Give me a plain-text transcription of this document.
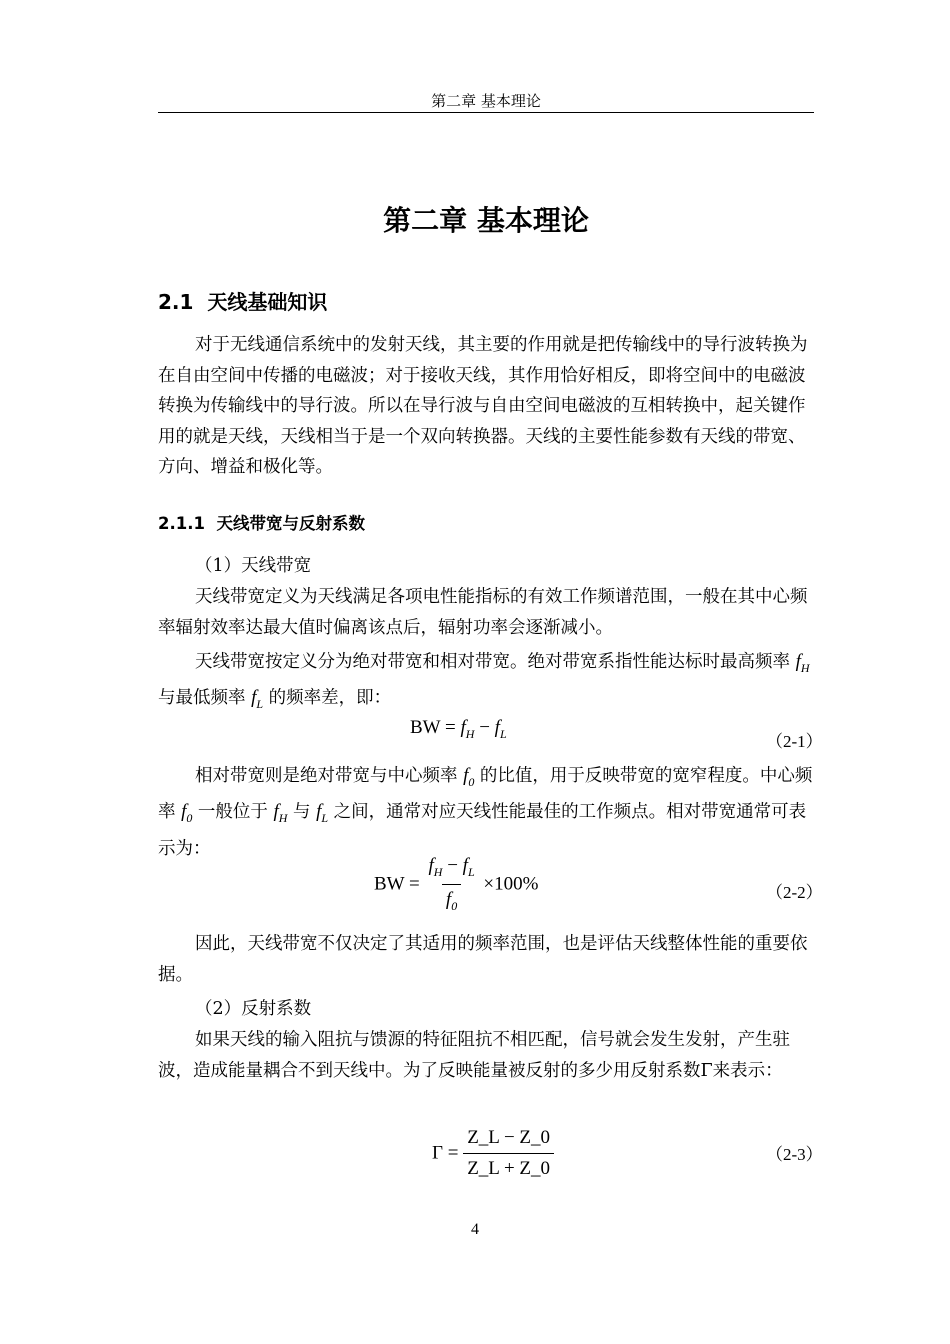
第二章 基本理论
第二章 基本理论
2.1 天线基础知识

对于无线通信系统中的发射天线，其主要的作用就是把传输线中的导行波转换为在自由空间中传播的电磁波；对于接收天线，其作用恰好相反，即将空间中的电磁波转换为传输线中的导行波。所以在导行波与自由空间电磁波的互相转换中，起关键作用的就是天线，天线相当于是一个双向转换器。天线的主要性能参数有天线的带宽、方向、增益和极化等。

2.1.1 天线带宽与反射系数
（1）天线带宽

天线带宽定义为天线满足各项电性能指标的有效工作频谱范围，一般在其中心频率辐射效率达最大值时偏离该点后，辐射功率会逐渐减小。

天线带宽按定义分为绝对带宽和相对带宽。绝对带宽系指性能达标时最高频率 $f_H$ 与最低频率 $f_L$ 的频率差，即：

BW = $f_H - f_L$	（2-1）

相对带宽则是绝对带宽与中心频率 $f_0$ 的比值，用于反映带宽的宽窄程度。中心频率 $f_0$ 一般位于 $f_H$ 与 $f_L$ 之间，通常对应天线性能最佳的工作频点。相对带宽通常可表示为：

BW = $\frac{f_H - f_L}{f_0} \times 100\%$	（2-2）

因此，天线带宽不仅决定了其适用的频率范围，也是评估天线整体性能的重要依据。

（2）反射系数

如果天线的输入阻抗与馈源的特征阻抗不相匹配，信号就会发生发射，产生驻波，造成能量耦合不到天线中。为了反映能量被反射的多少用反射系数Γ来表示：

$\Gamma = \frac{Z\_L - Z\_0}{Z\_L + Z\_0}$	（2-3）
4
